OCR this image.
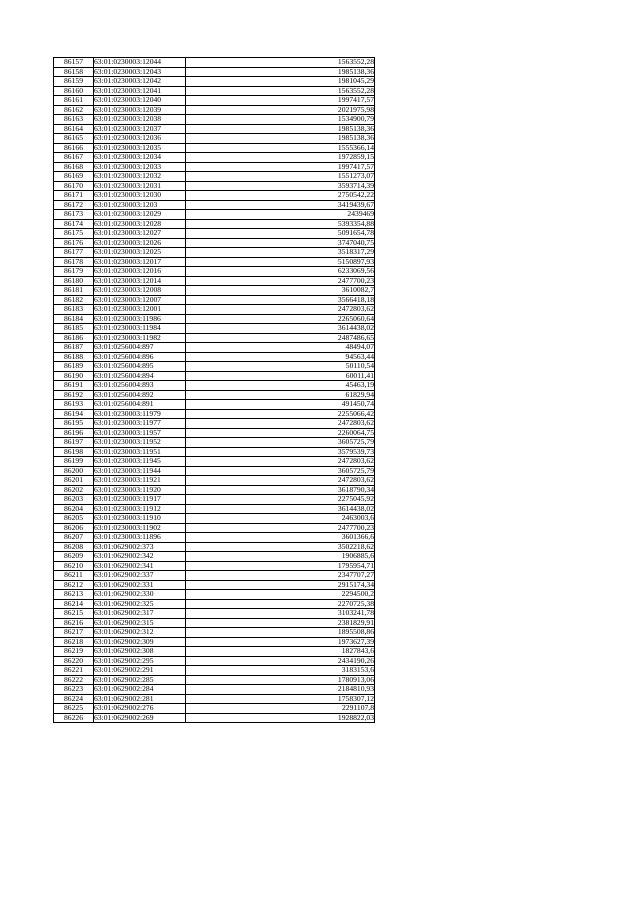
86157	63:01:0230003:12044	1563552,28
86158	63:01:0230003:12043	1985138,36
86159	63:01:0230003:12042	1981045,29
86160	63:01:0230003:12041	1563552,28
86161	63:01:0230003:12040	1997417,57
86162	63:01:0230003:12039	2021975,98
86163	63:01:0230003:12038	1534900,79
86164	63:01:0230003:12037	1985138,36
86165	63:01:0230003:12036	1985138,36
86166	63:01:0230003:12035	1555366,14
86167	63:01:0230003:12034	1972859,15
86168	63:01:0230003:12033	1997417,57
86169	63:01:0230003:12032	1551273,07
86170	63:01:0230003:12031	3593714,39
86171	63:01:0230003:12030	2750542,22
86172	63:01:0230003:1203	3419439,67
86173	63:01:0230003:12029	2439469
86174	63:01:0230003:12028	5393354,88
86175	63:01:0230003:12027	5091654,78
86176	63:01:0230003:12026	3747040,75
86177	63:01:0230003:12025	3518317,29
86178	63:01:0230003:12017	5150897,93
86179	63:01:0230003:12016	6233069,56
86180	63:01:0230003:12014	2477700,23
86181	63:01:0230003:12008	3610082,7
86182	63:01:0230003:12007	3566418,18
86183	63:01:0230003:12001	2472803,62
86184	63:01:0230003:11986	2265060,64
86185	63:01:0230003:11984	3614438,02
86186	63:01:0230003:11982	2487486,65
86187	63:01:0256004:897	48494,07
86188	63:01:0256004:896	94563,44
86189	63:01:0256004:895	50110,54
86190	63:01:0256004:894	60011,41
86191	63:01:0256004:893	45463,19
86192	63:01:0256004:892	61829,94
86193	63:01:0256004:891	491450,74
86194	63:01:0230003:11979	2255066,42
86195	63:01:0230003:11977	2472803,62
86196	63:01:0230003:11957	2260064,75
86197	63:01:0230003:11952	3605725,79
86198	63:01:0230003:11951	3579539,73
86199	63:01:0230003:11945	2472803,62
86200	63:01:0230003:11944	3605725,79
86201	63:01:0230003:11921	2472803,62
86202	63:01:0230003:11920	3618790,34
86203	63:01:0230003:11917	2275045,92
86204	63:01:0230003:11912	3614438,02
86205	63:01:0230003:11910	2463003,6
86206	63:01:0230003:11902	2477700,23
86207	63:01:0230003:11896	3601366,6
86208	63:01:0629002:373	3502218,62
86209	63:01:0629002:342	1906885,6
86210	63:01:0629002:341	1795954,71
86211	63:01:0629002:337	2347707,27
86212	63:01:0629002:331	2915174,34
86213	63:01:0629002:330	2294500,2
86214	63:01:0629002:325	2270725,38
86215	63:01:0629002:317	3103241,78
86216	63:01:0629002:315	2381829,91
86217	63:01:0629002:312	1895508,86
86218	63:01:0629002:309	1973627,39
86219	63:01:0629002:308	1827843,6
86220	63:01:0629002:295	2434190,26
86221	63:01:0629002:291	3183153,6
86222	63:01:0629002:285	1780913,06
86223	63:01:0629002:284	2184810,93
86224	63:01:0629002:281	1758307,12
86225	63:01:0629002:276	2291107,8
86226	63:01:0629002:269	1928822,03
